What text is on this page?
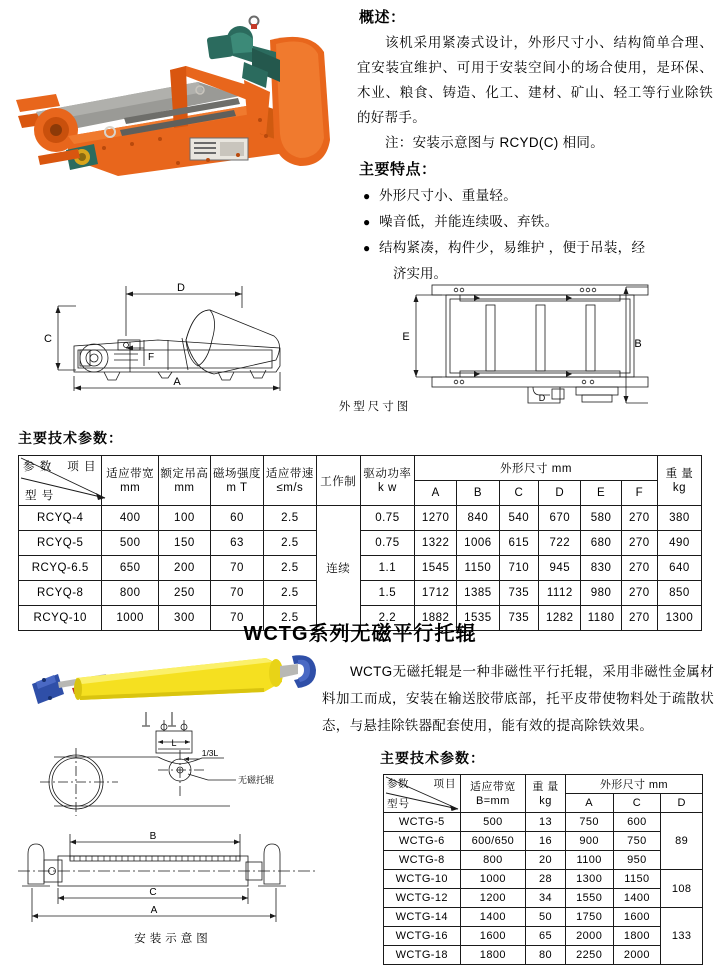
概述：

该机采用紧凑式设计，外形尺寸小、结构简单合理、宜安装宜维护、可用于安装空间小的场合使用，是环保、木业、粮食、铸造、化工、建材、矿山、轻工等行业除铁的好帮手。

注：安装示意图与 RCYD(C) 相同。

主要特点：
● 外形尺寸小、重量轻。
● 噪音低，并能连续吸、弃铁。
● 结构紧凑，构件少，易维护 ，便于吊装，经
济实用。
D
C
A
F
E
B
D
外型尺寸图
主要技术参数：
项 目
型 号
参 数	适应带宽
mm	额定吊高
mm	磁场强度
m T	适应带速
≤m/s	工作制	驱动功率
k w	外形尺寸 mm						重 量
kg

							A	B	C	D	E	F	
RCYQ-4	400	100	60	2.5	连续	0.75	1270	840	540	670	580	270	380
RCYQ-5	500	150	63	2.5		0.75	1322	1006	615	722	680	270	490
RCYQ-6.5	650	200	70	2.5		1.1	1545	1150	710	945	830	270	640
RCYQ-8	800	250	70	2.5		1.5	1712	1385	735	1112	980	270	850
RCYQ-10	1000	300	70	2.5		2.2	1882	1535	735	1282	1180	270	1300
WCTG系列无磁平行托辊

WCTG无磁托辊是一种非磁性平行托辊，采用非磁性金属材料加工而成，安装在输送胶带底部，托平皮带使物料处于疏散状态，与悬挂除铁器配套使用，能有效的提高除铁效果。

主要技术参数：
L
1/3L
无磁托辊
B
C
A
安装示意图
项目
型号
参数	适应带宽
B=mm	重 量
kg	外形尺寸 mm		
			A	C	D
WCTG-5	500	13	750	600	89
WCTG-6	600/650	16	900	750	
WCTG-8	800	20	1100	950	
WCTG-10	1000	28	1300	1150	108
WCTG-12	1200	34	1550	1400	
WCTG-14	1400	50	1750	1600	133
WCTG-16	1600	65	2000	1800	
WCTG-18	1800	80	2250	2000	
